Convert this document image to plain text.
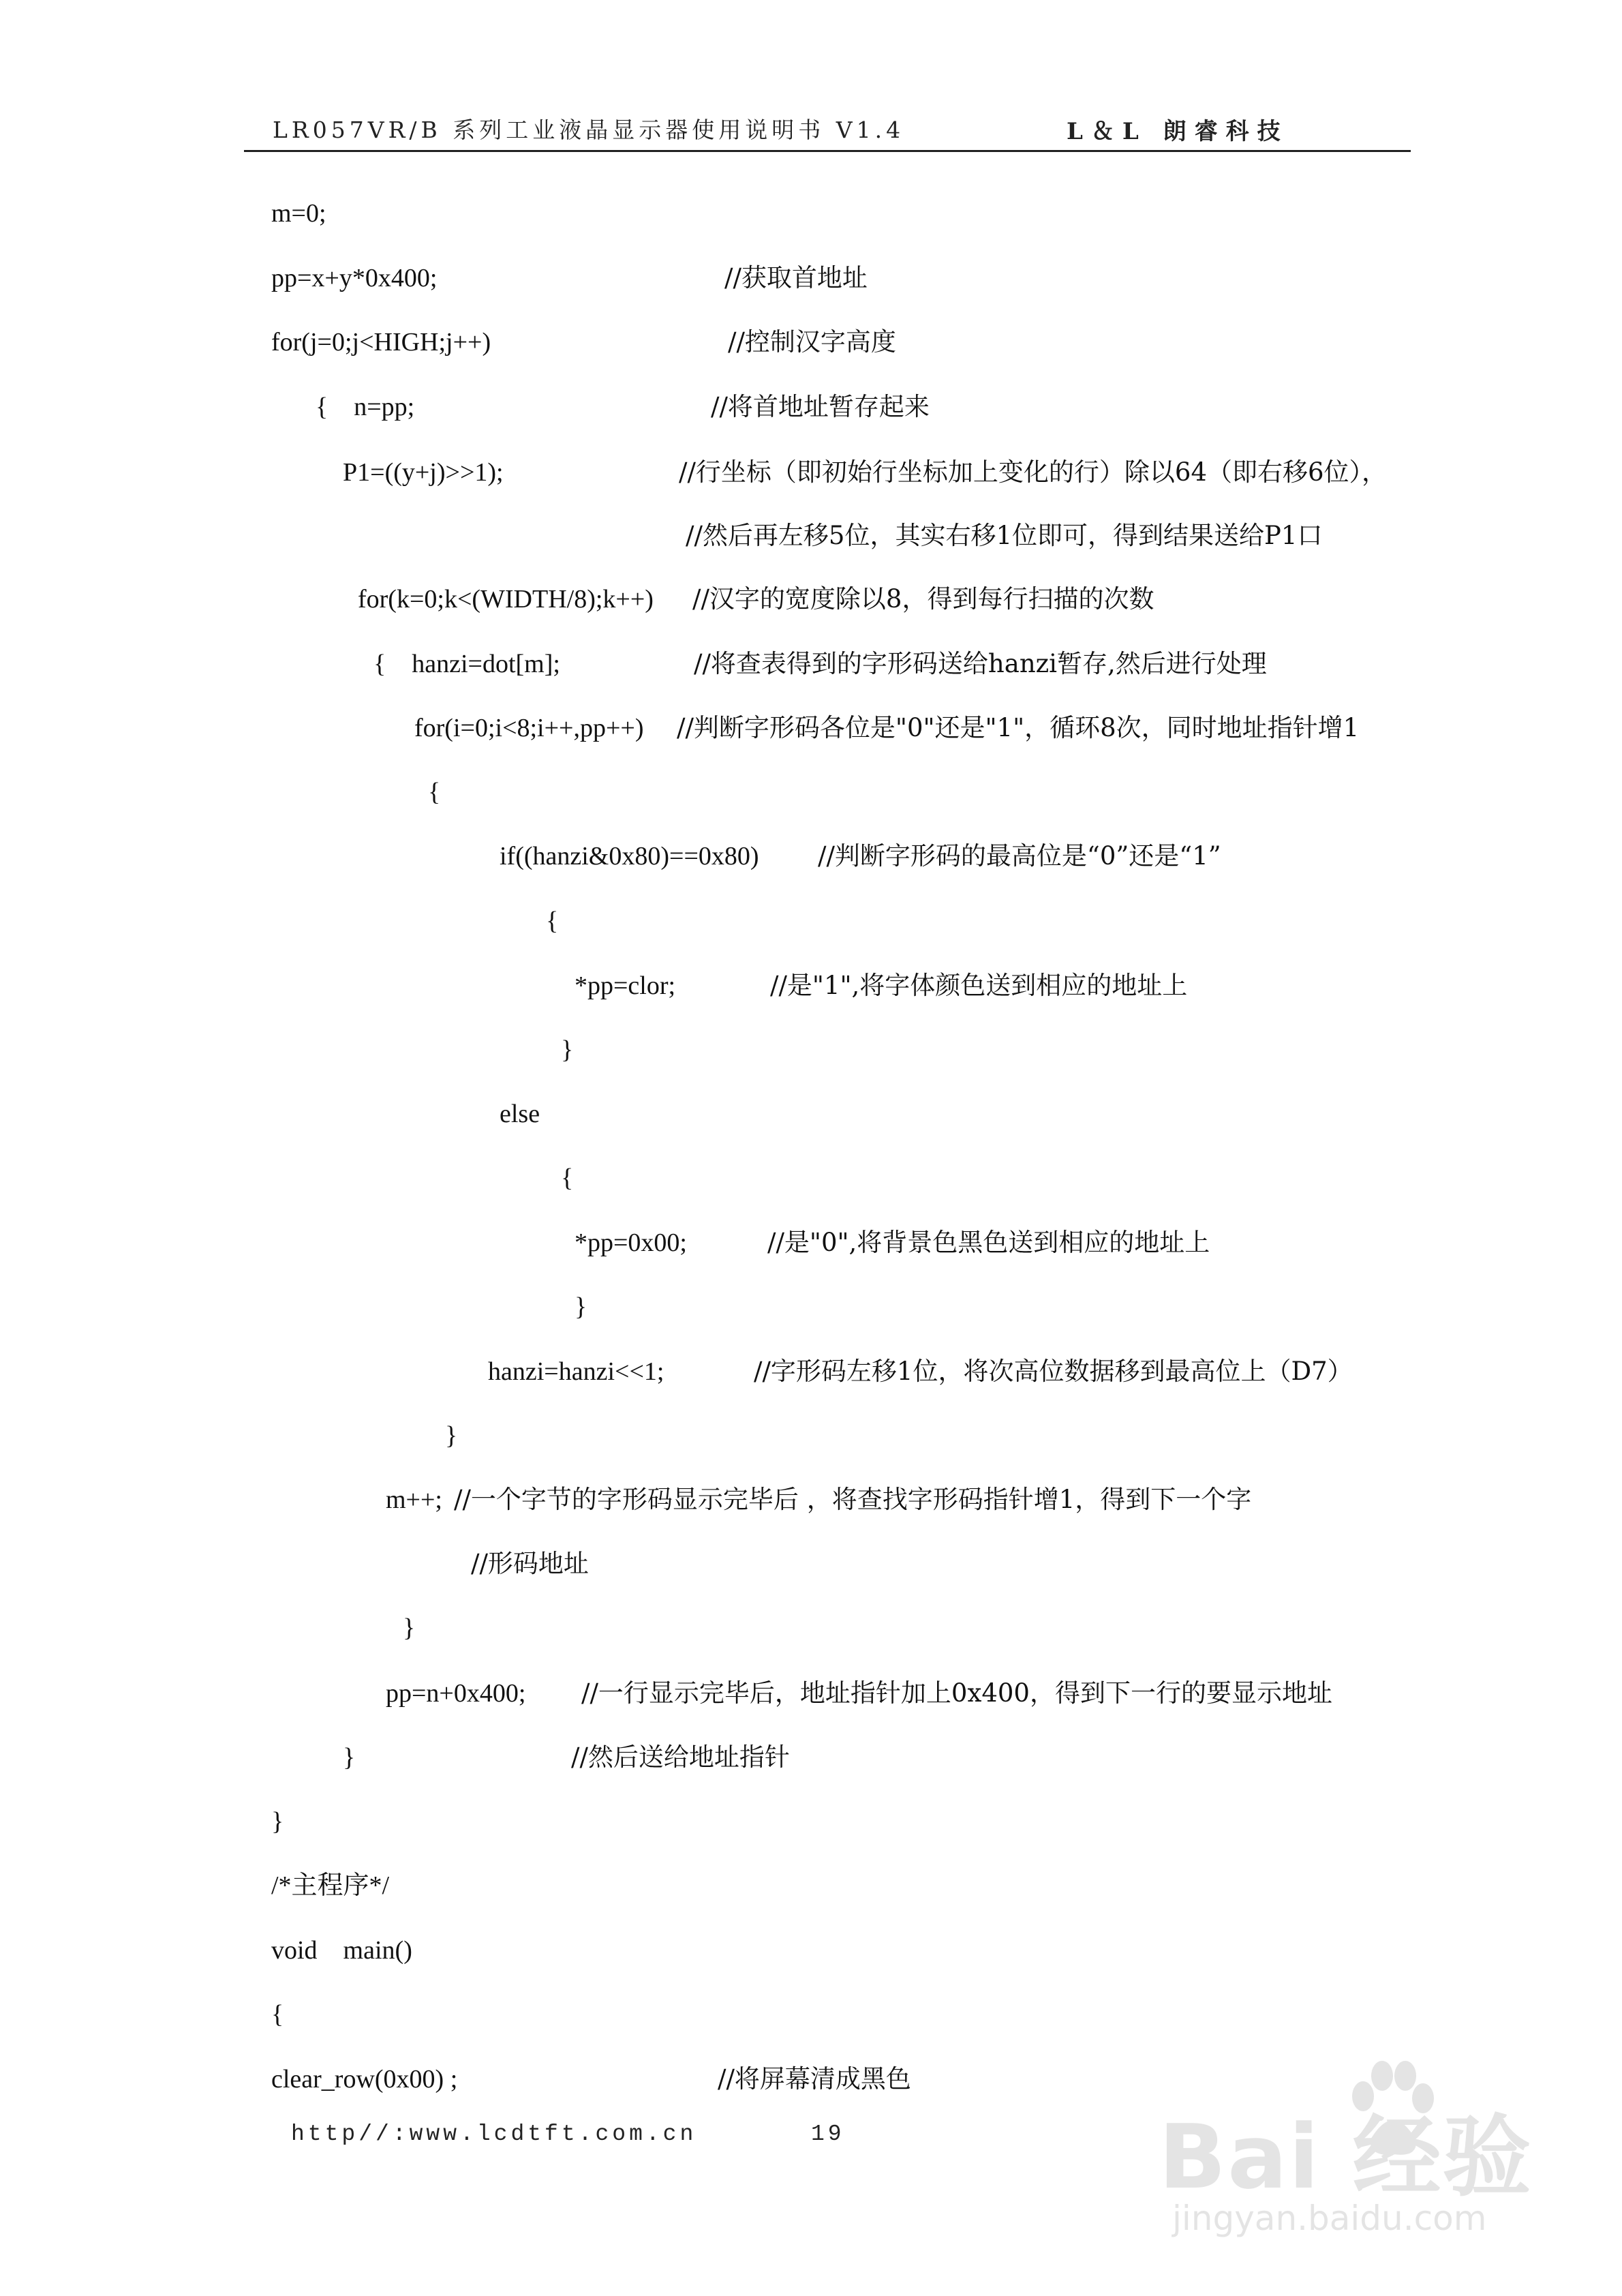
LR057VR/B 系列工业液晶显示器使用说明书 V1.4	L＆L 朗睿科技

m=0;

pp=x+y*0x400;
	//获取首地址

for(j=0;j<HIGH;j++)
	//控制汉字高度

{    n=pp;
	//将首地址暂存起来

P1=((y+j)>>1);
	//行坐标（即初始行坐标加上变化的行）除以64（即右移6位），

//然后再左移5位，其实右移1位即可，得到结果送给P1口

for(k=0;k<(WIDTH/8);k++)
	//汉字的宽度除以8，得到每行扫描的次数

{    hanzi=dot[m];
	//将查表得到的字形码送给hanzi暂存,然后进行处理

for(i=0;i<8;i++,pp++)
	//判断字形码各位是"0"还是"1"，循环8次，同时地址指针增1

{

if((hanzi&0x80)==0x80)
	//判断字形码的最高位是“0”还是“1”

{

*pp=clor;
	//是"1",将字体颜色送到相应的地址上

}

else

{

*pp=0x00;
	//是"0",将背景色黑色送到相应的地址上

}

hanzi=hanzi<<1;
	//字形码左移1位，将次高位数据移到最高位上（D7）

}

m++;
//一个字节的字形码显示完毕后 ，将查找字形码指针增1，得到下一个字

//形码地址

}

pp=n+0x400;
	//一行显示完毕后，地址指针加上0x400，得到下一行的要显示地址

}
	//然后送给地址指针

}

/*主程序*/

void    main()

{

clear_row(0x00) ;
	//将屏幕清成黑色

http//:www.lcdtft.com.cn	19	Bai 经验
jingyan.baidu.com
